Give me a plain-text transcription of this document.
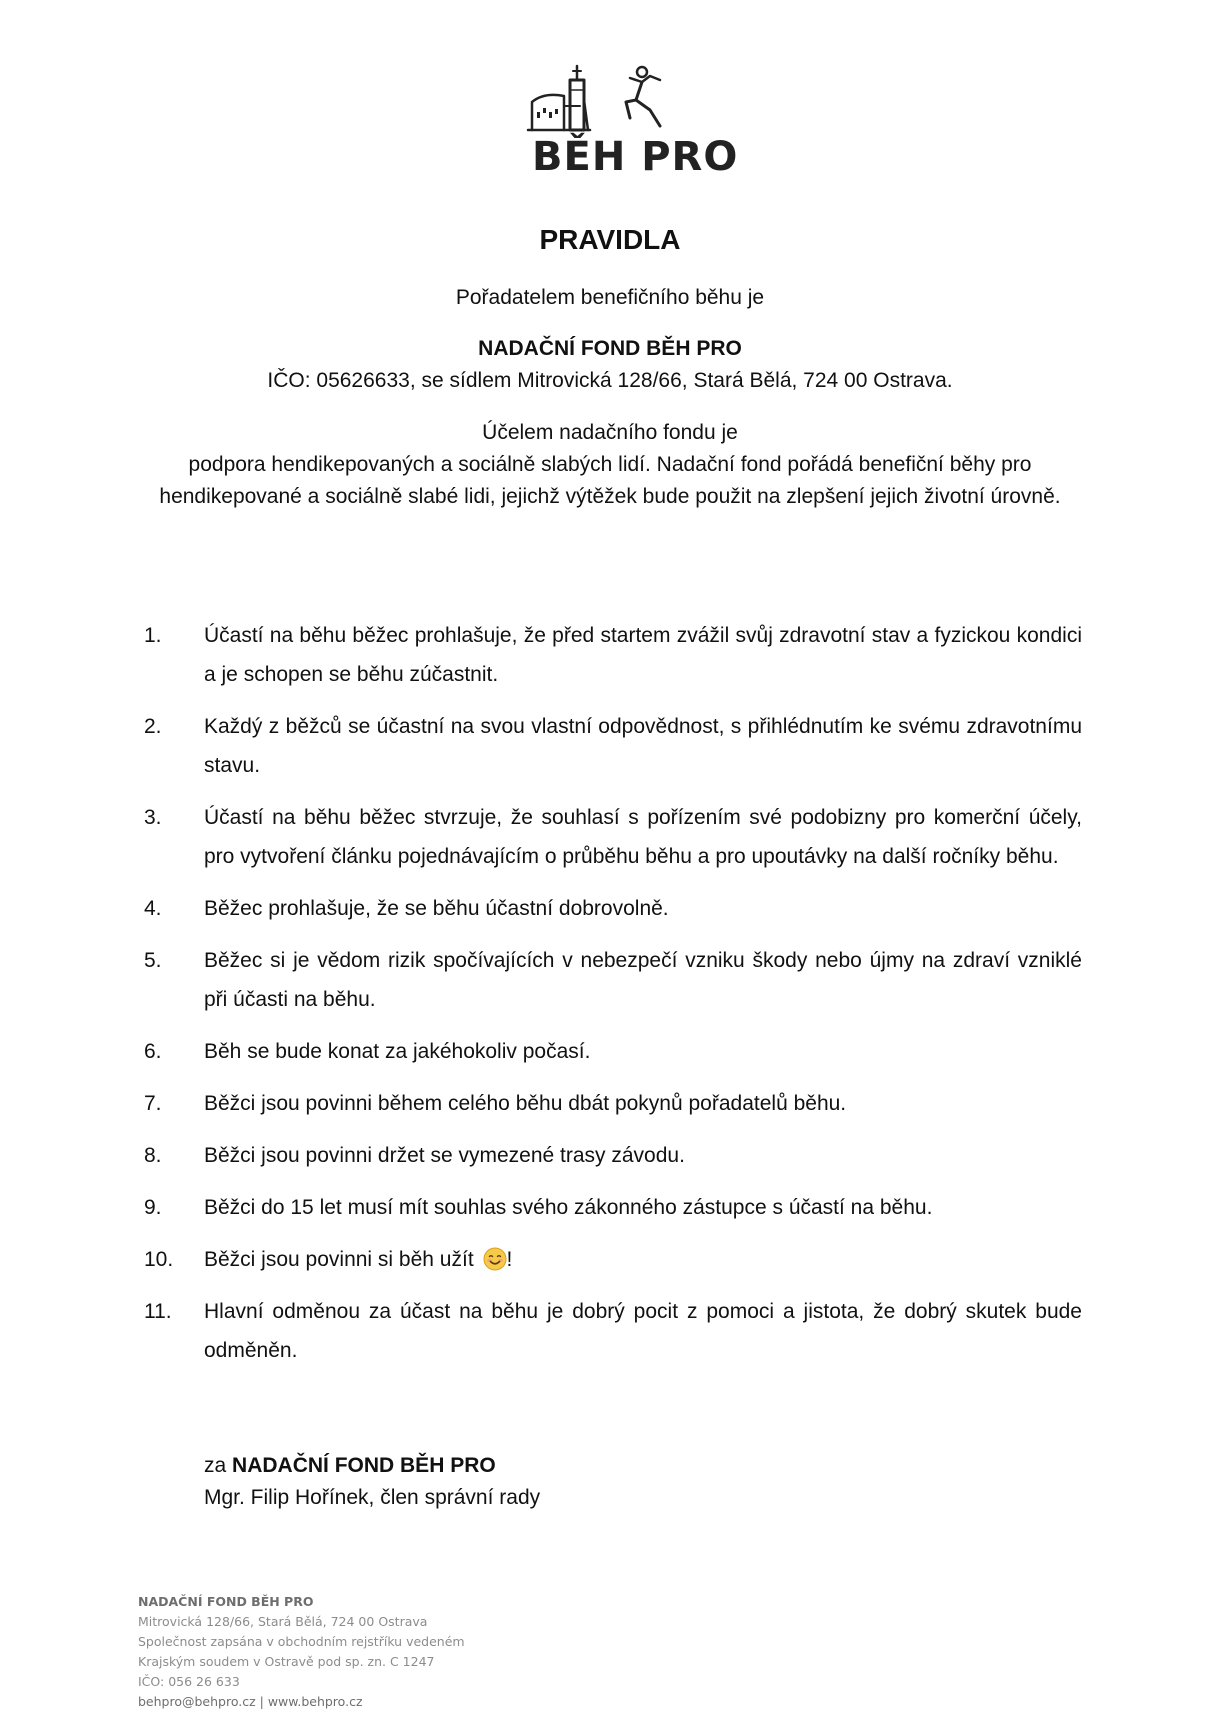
BĚH PRO
PRAVIDLA
Pořadatelem benefičního běhu je
NADAČNÍ FOND BĚH PRO
IČO: 05626633, se sídlem Mitrovická 128/66, Stará Bělá, 724 00 Ostrava.
Účelem nadačního fondu je
podpora hendikepovaných a sociálně slabých lidí. Nadační fond pořádá benefiční běhy pro hendikepované a sociálně slabé lidi, jejichž výtěžek bude použit na zlepšení jejich životní úrovně.
1.	Účastí na běhu běžec prohlašuje, že před startem zvážil svůj zdravotní stav a fyzickou kondici a je schopen se běhu zúčastnit.
2.	Každý z běžců se účastní na svou vlastní odpovědnost, s přihlédnutím ke svému zdravotnímu stavu.
3.	Účastí na běhu běžec stvrzuje, že souhlasí s pořízením své podobizny pro komerční účely, pro vytvoření článku pojednávajícím o průběhu běhu a pro upoutávky na další ročníky běhu.
4.	Běžec prohlašuje, že se běhu účastní dobrovolně.
5.	Běžec si je vědom rizik spočívajících v nebezpečí vzniku škody nebo újmy na zdraví vzniklé při účasti na běhu.
6.	Běh se bude konat za jakéhokoliv počasí.
7.	Běžci jsou povinni během celého běhu dbát pokynů pořadatelů běhu.
8.	Běžci jsou povinni držet se vymezené trasy závodu.
9.	Běžci do 15 let musí mít souhlas svého zákonného zástupce s účastí na běhu.
10.	Běžci jsou povinni si běh užít !
11.	Hlavní odměnou za účast na běhu je dobrý pocit z pomoci a jistota, že dobrý skutek bude odměněn.
za NADAČNÍ FOND BĚH PRO
Mgr. Filip Hořínek, člen správní rady
NADAČNÍ FOND BĚH PRO
Mitrovická 128/66, Stará Bělá, 724 00 Ostrava
Společnost zapsána v obchodním rejstříku vedeném
Krajským soudem v Ostravě pod sp. zn. C 1247
IČO: 056 26 633
behpro@behpro.cz | www.behpro.cz
